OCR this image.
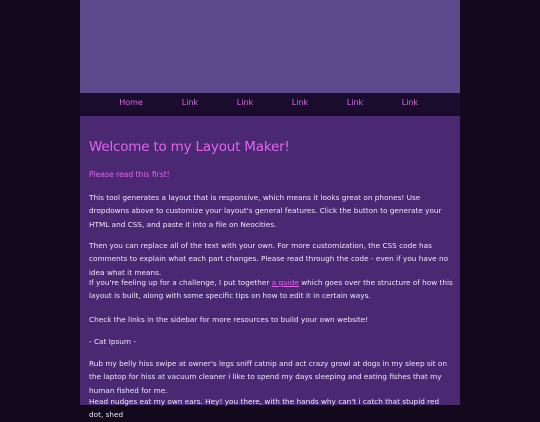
Welcome to my Layout Maker!

Please read this first!

This tool generates a layout that is responsive, which means it looks great on phones! Use dropdowns above to customize your layout's general features. Click the button to generate your HTML and CSS, and paste it into a file on Neocities.

Then you can replace all of the text with your own. For more customization, the CSS code has comments to explain what each part changes. Please read through the code - even if you have no idea what it means.

If you're feeling up for a challenge, I put together a guide which goes over the structure of how this layout is built, along with some specific tips on how to edit it in certain ways.

Check the links in the sidebar for more resources to build your own website!

- Cat Ipsum -

Rub my belly hiss swipe at owner's legs sniff catnip and act crazy growl at dogs in my sleep sit on the laptop for hiss at vacuum cleaner i like to spend my days sleeping and eating fishes that my human fished for me.

Head nudges eat my own ears. Hey! you there, with the hands why can't i catch that stupid red dot, shed

Home	Link	Link	Link	Link	Link
